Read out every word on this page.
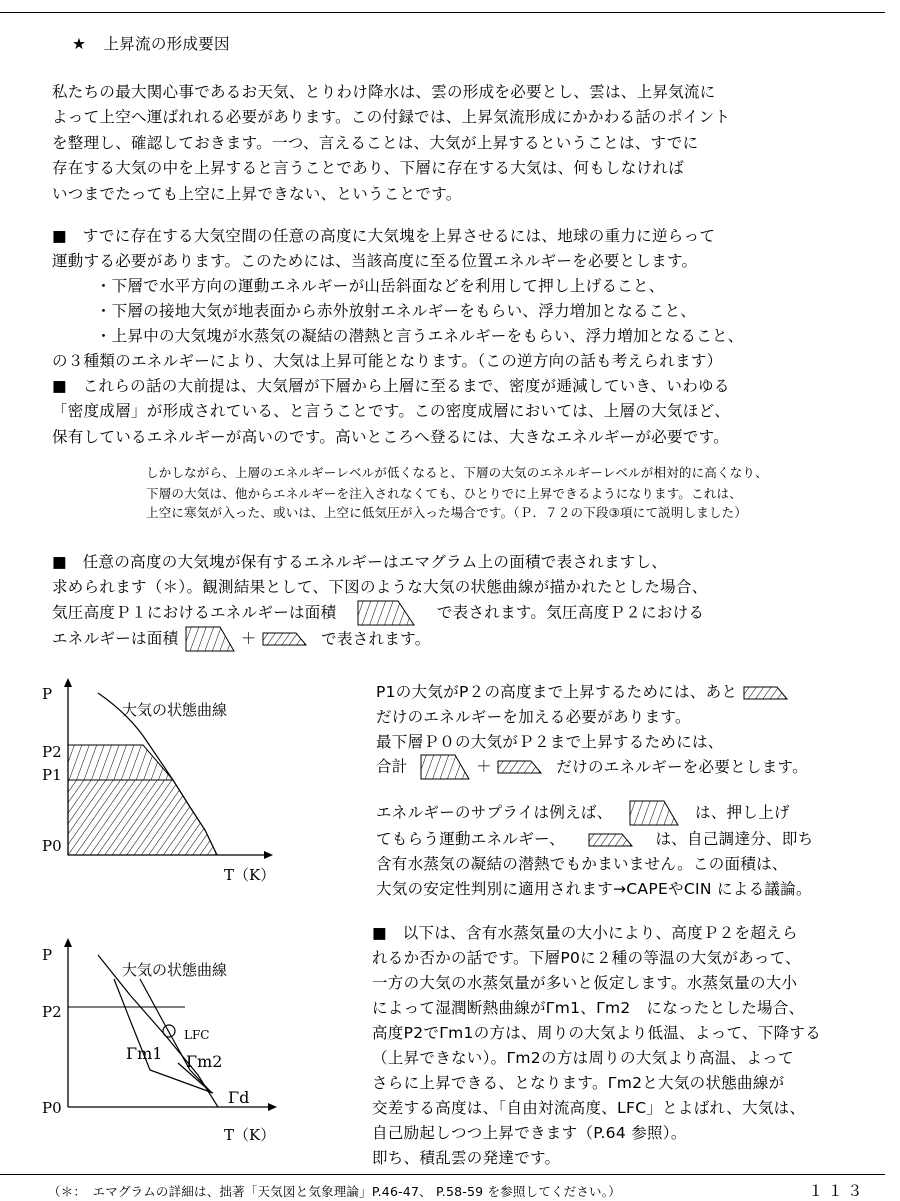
★ 上昇流の形成要因
私たちの最大関心事であるお天気、とりわけ降水は、雲の形成を必要とし、雲は、上昇気流に
よって上空へ運ばれれる必要があります。この付録では、上昇気流形成にかかわる話のポイント
を整理し、確認しておきます。一つ、言えることは、大気が上昇するということは、すでに
存在する大気の中を上昇すると言うことであり、下層に存在する大気は、何もしなければ
いつまでたっても上空に上昇できない、ということです。
■　すでに存在する大気空間の任意の高度に大気塊を上昇させるには、地球の重力に逆らって
運動する必要があります。このためには、当該高度に至る位置エネルギーを必要とします。
　・下層で水平方向の運動エネルギーが山岳斜面などを利用して押し上げること、
　・下層の接地大気が地表面から赤外放射エネルギーをもらい、浮力増加となること、
　・上昇中の大気塊が水蒸気の凝結の潜熱と言うエネルギーをもらい、浮力増加となること、
の３種類のエネルギーにより、大気は上昇可能となります。（この逆方向の話も考えられます）
■　これらの話の大前提は、大気層が下層から上層に至るまで、密度が逓減していき、いわゆる
「密度成層」が形成されている、と言うことです。この密度成層においては、上層の大気ほど、
保有しているエネルギーが高いのです。高いところへ登るには、大きなエネルギーが必要です。
しかしながら、上層のエネルギーレベルが低くなると、下層の大気のエネルギーレベルが相対的に高くなり、
下層の大気は、他からエネルギーを注入されなくても、ひとりでに上昇できるようになります。これは、
上空に寒気が入った、或いは、上空に低気圧が入った場合です。（Ｐ．７２の下段③項にて説明しました）
■　任意の高度の大気塊が保有するエネルギーはエマグラム上の面積で表されますし、
求められます（＊）。観測結果として、下図のような大気の状態曲線が描かれたとした場合、
気圧高度Ｐ１におけるエネルギーは面積	で表されます。気圧高度Ｐ２における
エネルギーは面積	＋	で表されます。
P
P2
P1
P0
大気の状態曲線
T（K）
P1の大気がP２の高度まで上昇するためには、あと
だけのエネルギーを加える必要があります。
最下層Ｐ０の大気がＰ２まで上昇するためには、
合計	＋	だけのエネルギーを必要とします。
エネルギーのサプライは例えば、	は、押し上げ
てもらう運動エネルギー、	は、自己調達分、即ち
含有水蒸気の凝結の潜熱でもかまいません。この面積は、
大気の安定性判別に適用されます→CAPEやCIN による議論。
P
P2
P0
大気の状態曲線
LFC
Γm1 Γm2
Γd
T（K）
■　以下は、含有水蒸気量の大小により、高度Ｐ２を超えら
れるか否かの話です。下層P0に２種の等温の大気があって、
一方の大気の水蒸気量が多いと仮定します。水蒸気量の大小
によって湿潤断熱曲線がΓm1、Γm2　になったとした場合、
高度P2でΓm1の方は、周りの大気より低温、よって、下降する
（上昇できない）。Γm2の方は周りの大気より高温、よって
さらに上昇できる、となります。Γm2と大気の状態曲線が
交差する高度は、「自由対流高度、LFC」とよばれ、大気は、
自己励起しつつ上昇できます（P.64 参照）。
即ち、積乱雲の発達です。
（＊：　エマグラムの詳細は、拙著「天気図と気象理論」P.46-47、 P.58-59 を参照してください。）	１１３
